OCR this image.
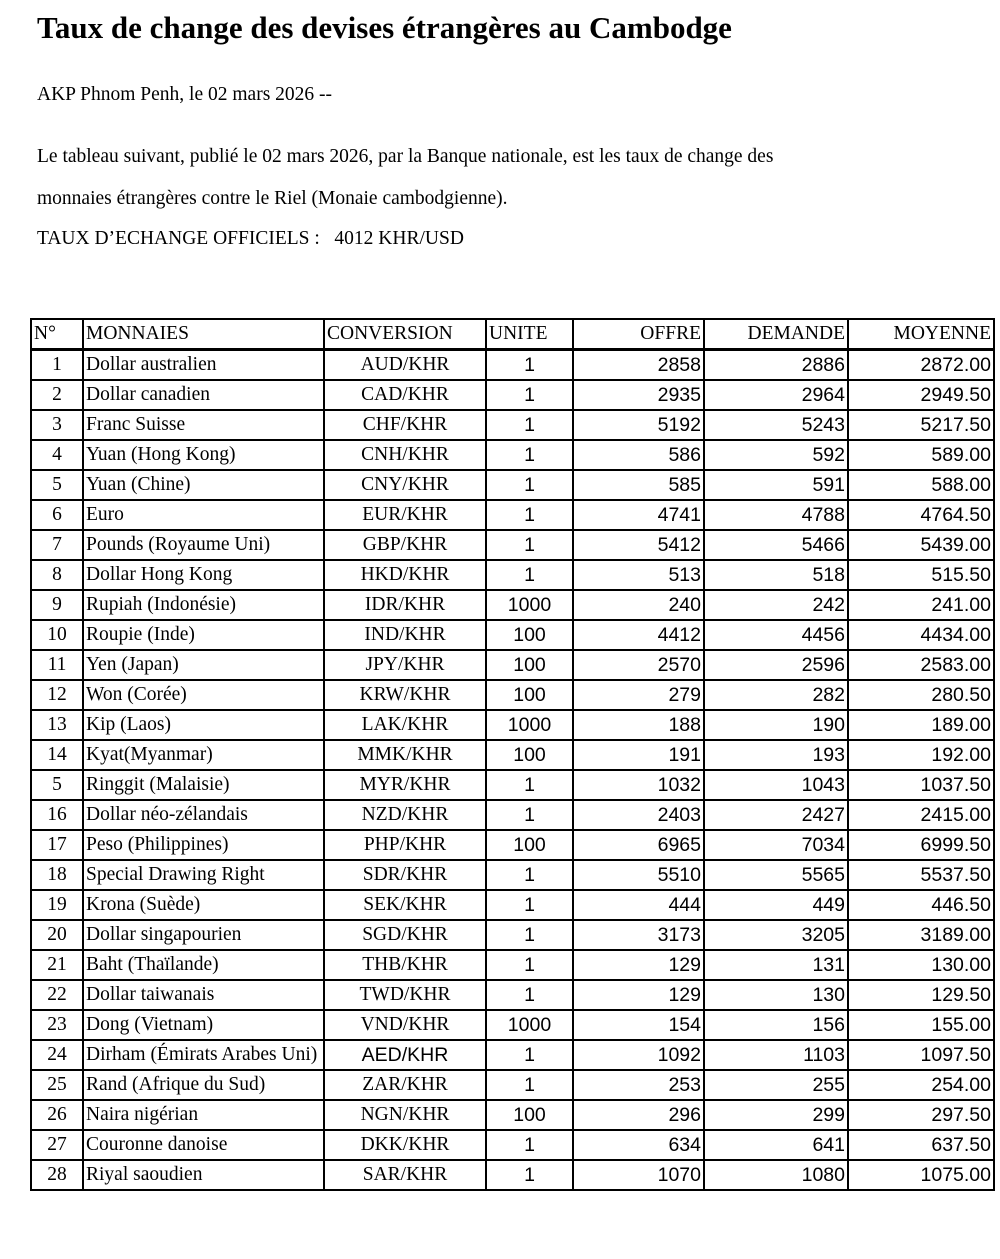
Taux de change des devises étrangères au Cambodge
AKP Phnom Penh, le 02 mars 2026 --
Le tableau suivant, publié le 02 mars 2026, par la Banque nationale, est les taux de change des
monnaies étrangères contre le Riel (Monaie cambodgienne).
TAUX D’ECHANGE OFFICIELS :   4012 KHR/USD
N°	MONNAIES	CONVERSION	UNITE	OFFRE	DEMANDE	MOYENNE
1	Dollar australien	AUD/KHR	1	2858	2886	2872.00
2	Dollar canadien	CAD/KHR	1	2935	2964	2949.50
3	Franc Suisse	CHF/KHR	1	5192	5243	5217.50
4	Yuan (Hong Kong)	CNH/KHR	1	586	592	589.00
5	Yuan (Chine)	CNY/KHR	1	585	591	588.00
6	Euro	EUR/KHR	1	4741	4788	4764.50
7	Pounds (Royaume Uni)	GBP/KHR	1	5412	5466	5439.00
8	Dollar Hong Kong	HKD/KHR	1	513	518	515.50
9	Rupiah (Indonésie)	IDR/KHR	1000	240	242	241.00
10	Roupie (Inde)	IND/KHR	100	4412	4456	4434.00
11	Yen (Japan)	JPY/KHR	100	2570	2596	2583.00
12	Won (Corée)	KRW/KHR	100	279	282	280.50
13	Kip (Laos)	LAK/KHR	1000	188	190	189.00
14	Kyat(Myanmar)	MMK/KHR	100	191	193	192.00
5	Ringgit (Malaisie)	MYR/KHR	1	1032	1043	1037.50
16	Dollar néo-zélandais	NZD/KHR	1	2403	2427	2415.00
17	Peso (Philippines)	PHP/KHR	100	6965	7034	6999.50
18	Special Drawing Right	SDR/KHR	1	5510	5565	5537.50
19	Krona (Suède)	SEK/KHR	1	444	449	446.50
20	Dollar singapourien	SGD/KHR	1	3173	3205	3189.00
21	Baht (Thaïlande)	THB/KHR	1	129	131	130.00
22	Dollar taiwanais	TWD/KHR	1	129	130	129.50
23	Dong (Vietnam)	VND/KHR	1000	154	156	155.00
24	Dirham (Émirats Arabes Uni)	AED/KHR	1	1092	1103	1097.50
25	Rand (Afrique du Sud)	ZAR/KHR	1	253	255	254.00
26	Naira nigérian	NGN/KHR	100	296	299	297.50
27	Couronne danoise	DKK/KHR	1	634	641	637.50
28	Riyal saoudien	SAR/KHR	1	1070	1080	1075.00
